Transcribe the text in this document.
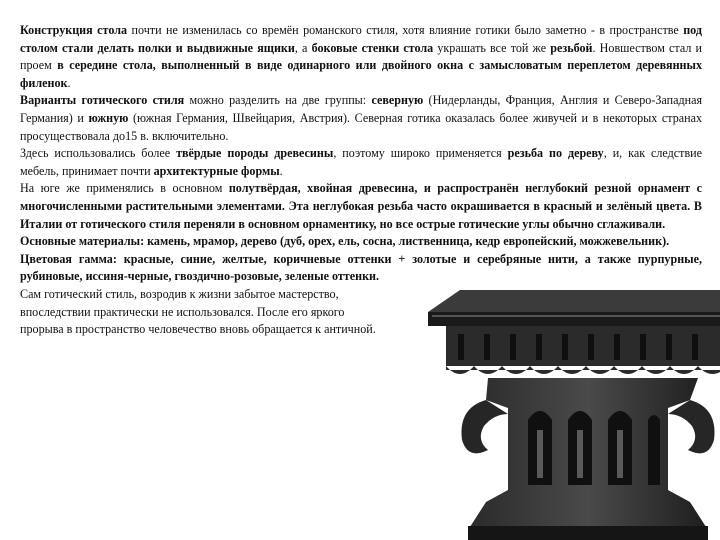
Конструкция стола почти не изменилась со времён романского стиля, хотя влияние готики было заметно - в пространстве под столом стали делать полки и выдвижные ящики, а боковые стенки стола украшать все той же резьбой. Новшеством стал и проем в середине стола, выполненный в виде одинарного или двойного окна с замысловатым переплетом деревянных филенок.

Варианты готического стиля можно разделить на две группы: северную (Нидерланды, Франция, Англия и Северо-Западная Германия) и южную (южная Германия, Швейцария, Австрия). Северная готика оказалась более живучей и в некоторых странах просуществовала до15 в. включительно.

Здесь использовались более твёрдые породы древесины, поэтому широко применяется резьба по дереву, и, как следствие мебель, принимает почти архитектурные формы.

На юге же применялись в основном полутвёрдая, хвойная древесина, и распространён неглубокий резной орнамент с многочисленными растительными элементами. Эта неглубокая резьба часто окрашивается в красный и зелёный цвета. В Италии от готического стиля переняли в основном орнаментику, но все острые готические углы обычно сглаживали.

Основные материалы: камень, мрамор, дерево (дуб, орех, ель, сосна, лиственница, кедр европейский, можжевельник).

Цветовая гамма: красные, синие, желтые, коричневые оттенки + золотые и серебряные нити, а также пурпурные, рубиновые, иссиня-черные, гвоздично-розовые, зеленые оттенки.

Сам готический стиль, возродив к жизни забытое мастерство,
впоследствии практически не использовался. После его яркого
прорыва в пространство человечество вновь обращается к античной.
